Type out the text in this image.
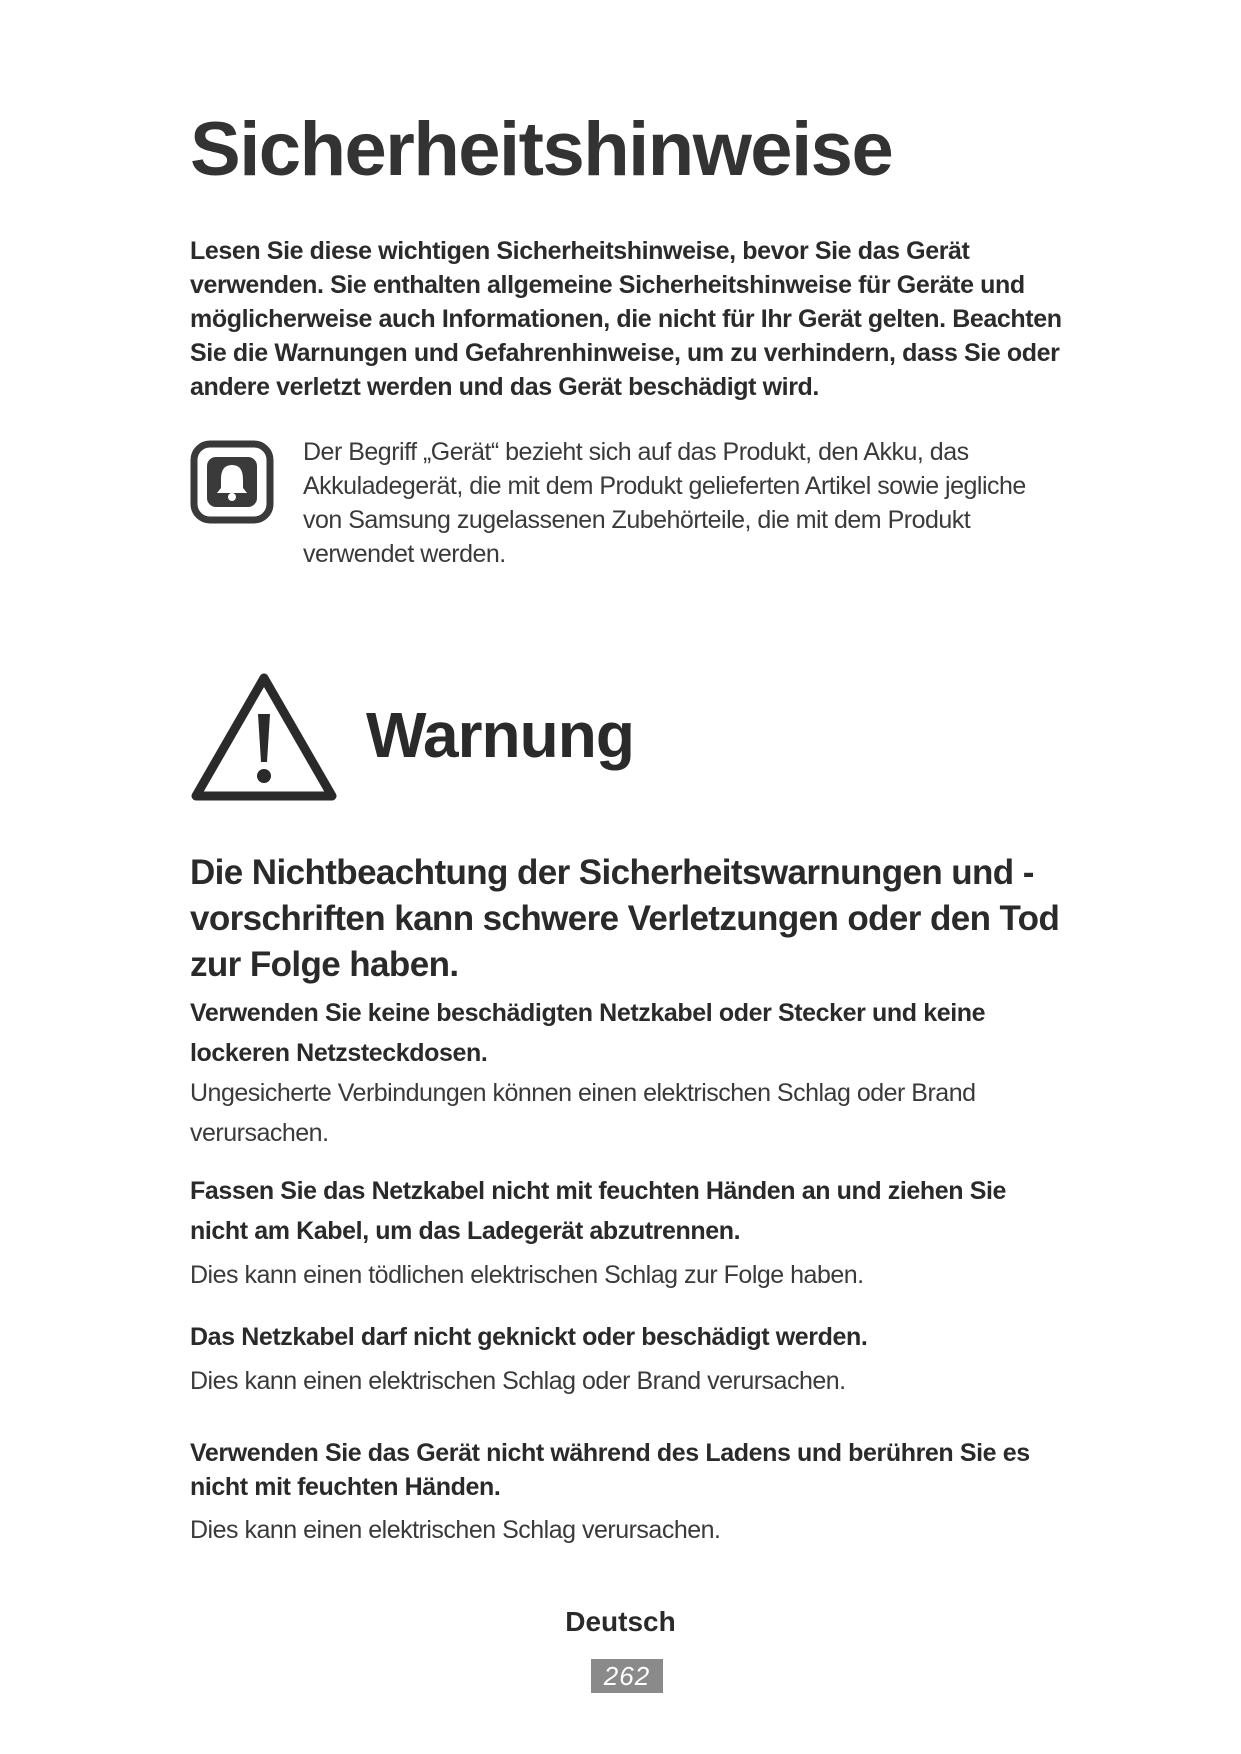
Sicherheitshinweise

Lesen Sie diese wichtigen Sicherheitshinweise, bevor Sie das Gerät verwenden. Sie enthalten allgemeine Sicherheitshinweise für Geräte und möglicherweise auch Informationen, die nicht für Ihr Gerät gelten. Beachten Sie die Warnungen und Gefahrenhinweise, um zu verhindern, dass Sie oder andere verletzt werden und das Gerät beschädigt wird.

Der Begriff „Gerät“ bezieht sich auf das Produkt, den Akku, das Akkuladegerät, die mit dem Produkt gelieferten Artikel sowie jegliche von Samsung zugelassenen Zubehörteile, die mit dem Produkt verwendet werden.

Warnung

Die Nichtbeachtung der Sicherheitswarnungen und -vorschriften kann schwere Verletzungen oder den Tod zur Folge haben.

Verwenden Sie keine beschädigten Netzkabel oder Stecker und keine lockeren Netzsteckdosen.

Ungesicherte Verbindungen können einen elektrischen Schlag oder Brand verursachen.

Fassen Sie das Netzkabel nicht mit feuchten Händen an und ziehen Sie nicht am Kabel, um das Ladegerät abzutrennen.

Dies kann einen tödlichen elektrischen Schlag zur Folge haben.

Das Netzkabel darf nicht geknickt oder beschädigt werden.

Dies kann einen elektrischen Schlag oder Brand verursachen.

Verwenden Sie das Gerät nicht während des Ladens und berühren Sie es nicht mit feuchten Händen.

Dies kann einen elektrischen Schlag verursachen.

Deutsch

262
